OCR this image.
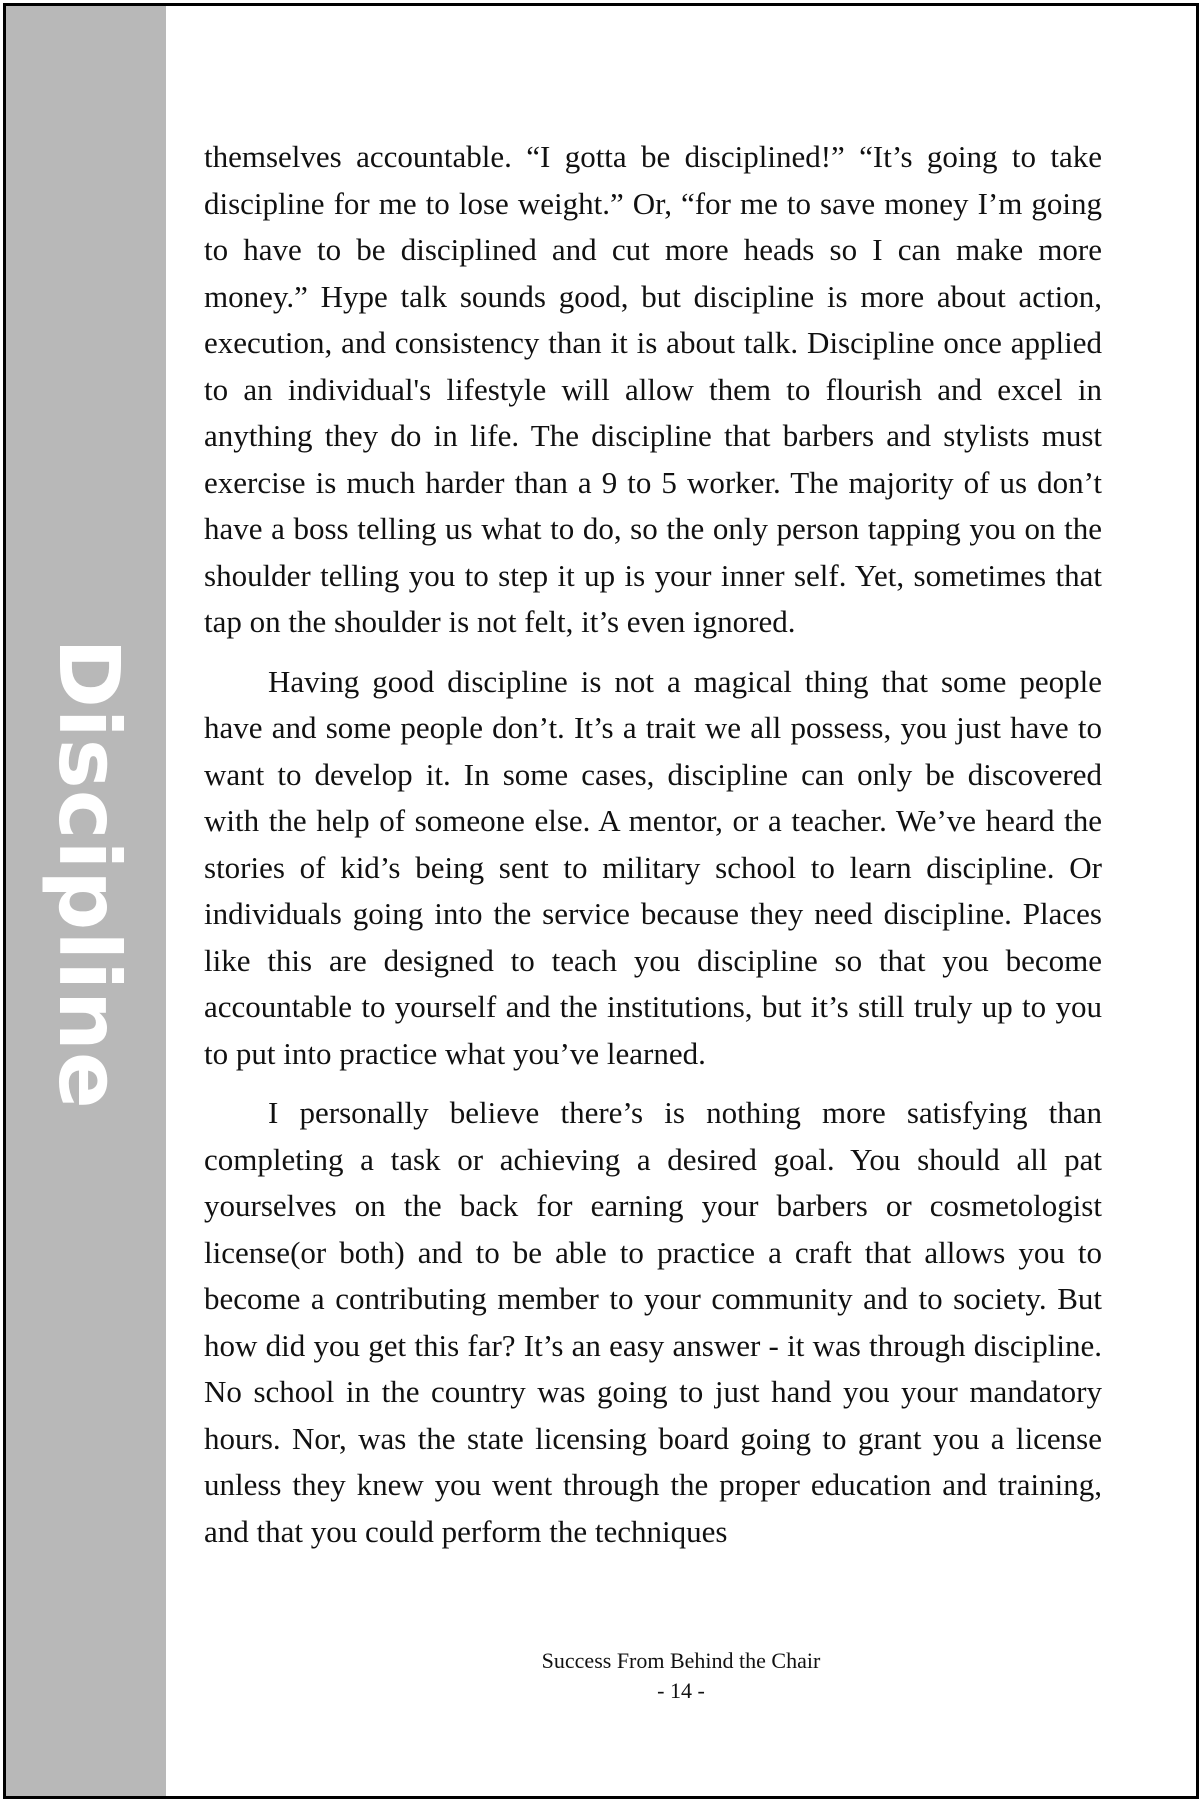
Discipline

themselves accountable. “I gotta be disciplined!” “It’s going to take discipline for me to lose weight.” Or, “for me to save money I’m going to have to be disciplined and cut more heads so I can make more money.” Hype talk sounds good, but discipline is more about action, execution, and consistency than it is about talk. Discipline once applied to an individual's lifestyle will allow them to flourish and excel in anything they do in life. The discipline that barbers and stylists must exercise is much harder than a 9 to 5 worker. The majority of us don’t have a boss telling us what to do, so the only person tapping you on the shoulder telling you to step it up is your inner self. Yet, sometimes that tap on the shoulder is not felt, it’s even ignored.

Having good discipline is not a magical thing that some people have and some people don’t. It’s a trait we all possess, you just have to want to develop it. In some cases, discipline can only be discovered with the help of someone else. A mentor, or a teacher. We’ve heard the stories of kid’s being sent to military school to learn discipline. Or individuals going into the service because they need discipline. Places like this are designed to teach you discipline so that you become accountable to yourself and the institutions, but it’s still truly up to you to put into practice what you’ve learned.

I personally believe there’s is nothing more satisfying than completing a task or achieving a desired goal. You should all pat yourselves on the back for earning your barbers or cosmetologist license(or both) and to be able to practice a craft that allows you to become a contributing member to your community and to society. But how did you get this far? It’s an easy answer - it was through discipline. No school in the country was going to just hand you your mandatory hours. Nor, was the state licensing board going to grant you a license unless they knew you went through the proper education and training, and that you could perform the techniques

Success From Behind the Chair
- 14 -
